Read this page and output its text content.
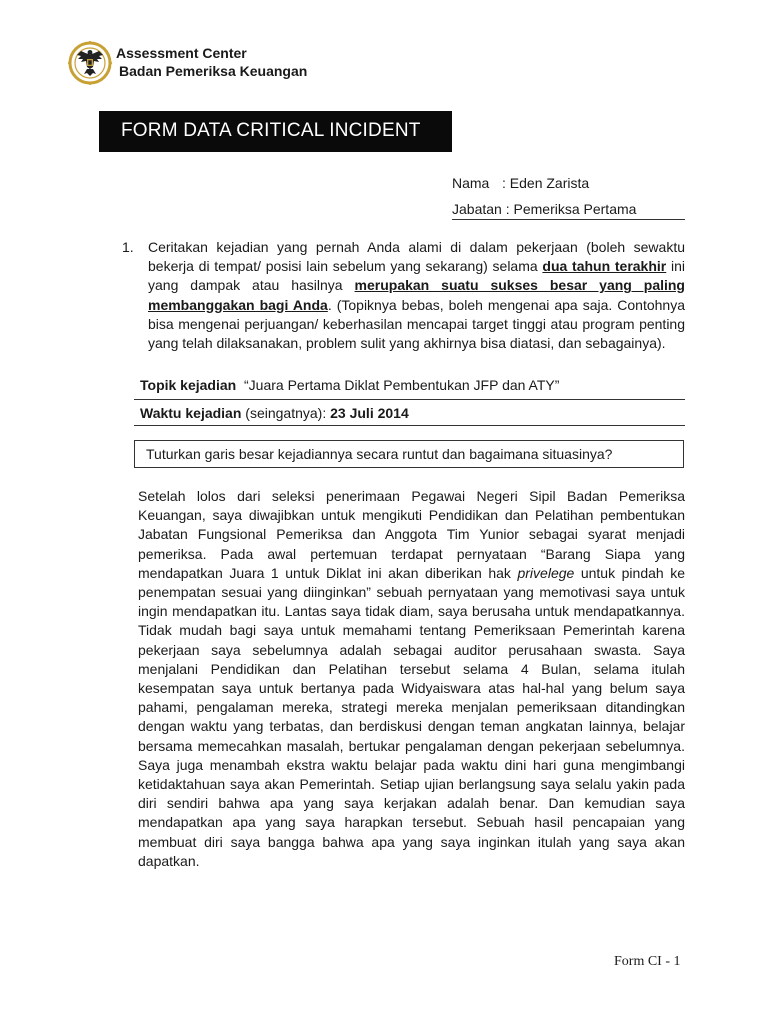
Assessment Center
Badan Pemeriksa Keuangan
FORM DATA CRITICAL INCIDENT
Nama : Eden Zarista
Jabatan : Pemeriksa Pertama
1. Ceritakan kejadian yang pernah Anda alami di dalam pekerjaan (boleh sewaktu bekerja di tempat/ posisi lain sebelum yang sekarang) selama dua tahun terakhir ini yang dampak atau hasilnya merupakan suatu sukses besar yang paling membanggakan bagi Anda. (Topiknya bebas, boleh mengenai apa saja. Contohnya bisa mengenai perjuangan/ keberhasilan mencapai target tinggi atau program penting yang telah dilaksanakan, problem sulit yang akhirnya bisa diatasi, dan sebagainya).
Topik kejadian “Juara Pertama Diklat Pembentukan JFP dan ATY”
Waktu kejadian (seingatnya): 23 Juli 2014
Tuturkan garis besar kejadiannya secara runtut dan bagaimana situasinya?
Setelah lolos dari seleksi penerimaan Pegawai Negeri Sipil Badan Pemeriksa Keuangan, saya diwajibkan untuk mengikuti Pendidikan dan Pelatihan pembentukan Jabatan Fungsional Pemeriksa dan Anggota Tim Yunior sebagai syarat menjadi pemeriksa. Pada awal pertemuan terdapat pernyataan “Barang Siapa yang mendapatkan Juara 1 untuk Diklat ini akan diberikan hak privelege untuk pindah ke penempatan sesuai yang diinginkan” sebuah pernyataan yang memotivasi saya untuk ingin mendapatkan itu. Lantas saya tidak diam, saya berusaha untuk mendapatkannya. Tidak mudah bagi saya untuk memahami tentang Pemeriksaan Pemerintah karena pekerjaan saya sebelumnya adalah sebagai auditor perusahaan swasta. Saya menjalani Pendidikan dan Pelatihan tersebut selama 4 Bulan, selama itulah kesempatan saya untuk bertanya pada Widyaiswara atas hal-hal yang belum saya pahami, pengalaman mereka, strategi mereka menjalan pemeriksaan ditandingkan dengan waktu yang terbatas, dan berdiskusi dengan teman angkatan lainnya, belajar bersama memecahkan masalah, bertukar pengalaman dengan pekerjaan sebelumnya. Saya juga menambah ekstra waktu belajar pada waktu dini hari guna mengimbangi ketidaktahuan saya akan Pemerintah. Setiap ujian berlangsung saya selalu yakin pada diri sendiri bahwa apa yang saya kerjakan adalah benar. Dan kemudian saya mendapatkan apa yang saya harapkan tersebut. Sebuah hasil pencapaian yang membuat diri saya bangga bahwa apa yang saya inginkan itulah yang saya akan dapatkan.
Form CI - 1
